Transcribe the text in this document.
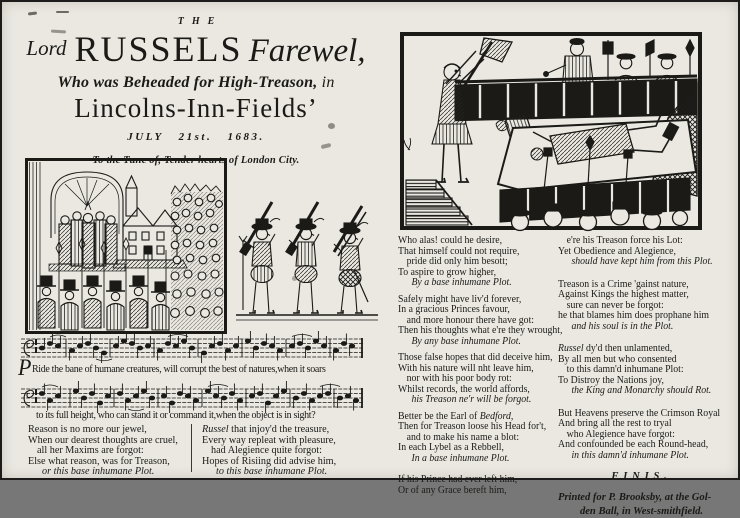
THE
Lord RUSSELS Farewel,
Who was Beheaded for High-Treason, in
Lincolns-Inn-Fields’
JULY 21st. 1683.
To the Tune of, Tender hearts of London City.
PRide the bane of humane creatures, will corrupt the best of natures,when it soars
to its full height, who can stand it or command it,when the object is in sight?
Reason is no more our jewel,
When our dearest thoughts are cruel,
all her Maxims are forgot:
Else what reason, was for Treason,
or this base inhumane Plot.
Russel that injoy'd the treasure,
Every way repleat with pleasure,
had Alegience quite forgot:
Hopes of Risiing did advise him,
to this base inhumane Plot.
Who alas! could he desire,
That himself could not require,
pride did only him besott;
To aspire to grow higher,
By a base inhumane Plot.
Safely might have liv'd forever,
In a gracious Princes favour,
and more honour there have got:
Then his thoughts what e're they wrought,
By any base inhumane Plot.
Those false hopes that did deceive him,
With his nature will nht leave him,
nor with his poor body rot:
Whilst records, the world affords,
his Treason ne'r will be forgot.
Better be the Earl of Bedford,
Then for Treason loose his Head for't,
and to make his name a blot:
In each Lybel as a Rebbell,
In a base inhumane Plot.
If his Prince had ever left him,
Or of any Grace bereft him,
e're his Treason force his Lot:
Yet Obedience and Alegience,
should have kept him from this Plot.
Treason is a Crime 'gainst nature,
Against Kings the highest matter,
sure can never be forgot:
he that blames him does prophane him
and his soul is in the Plot.
Russel dy'd then unlamented,
By all men but who consented
to this damn'd inhumane Plot:
To Distroy the Nations joy,
the King and Monarchy should Rot.
But Heavens preserve the Crimson Royal
And bring all the rest to tryal
who Alegience have forgot:
And confounded be each Round-head,
in this damn'd inhumane Plot.
FINIS.
Printed for P. Brooksby, at the Gol-
den Ball, in West-smithfield.
